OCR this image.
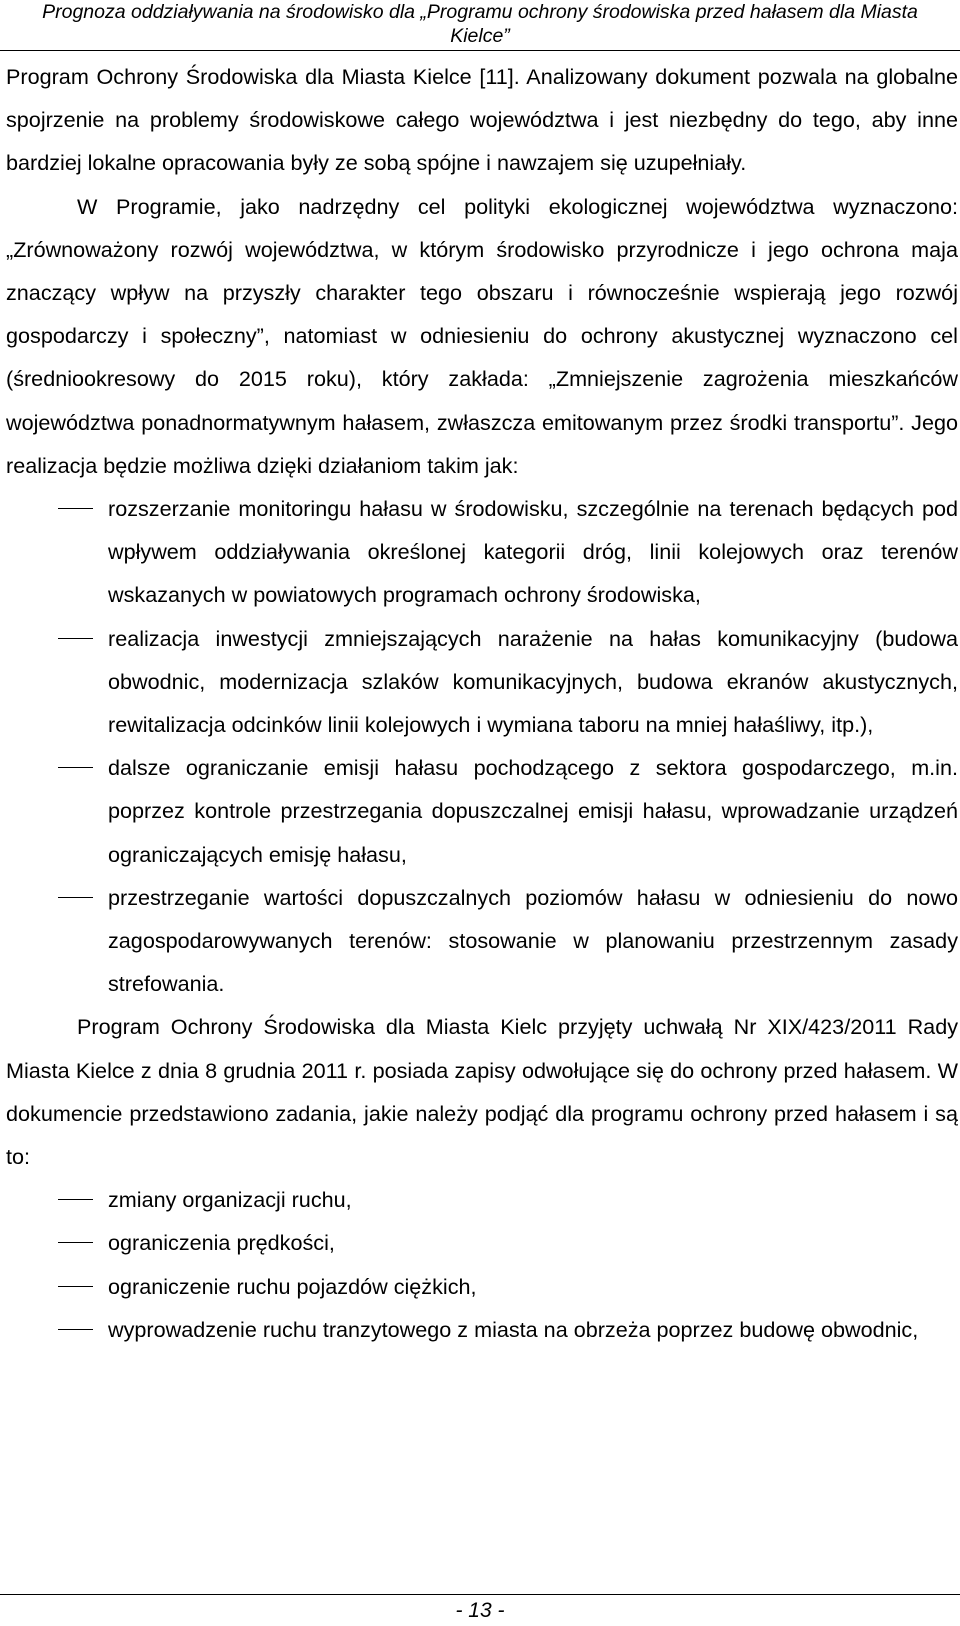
Prognoza oddziaływania na środowisko dla „Programu ochrony środowiska przed hałasem dla Miasta
Kielce”

Program Ochrony Środowiska dla Miasta Kielce [11]. Analizowany dokument pozwala na globalne spojrzenie na problemy środowiskowe całego województwa i jest niezbędny do tego, aby inne bardziej lokalne opracowania były ze sobą spójne i nawzajem się uzupełniały.

W Programie, jako nadrzędny cel polityki ekologicznej województwa wyznaczono: „Zrównoważony rozwój województwa, w którym środowisko przyrodnicze i jego ochrona maja znaczący wpływ na przyszły charakter tego obszaru i równocześnie wspierają jego rozwój gospodarczy i społeczny”, natomiast w odniesieniu do ochrony akustycznej wyznaczono cel (średniookresowy do 2015 roku), który zakłada: „Zmniejszenie zagrożenia mieszkańców województwa ponadnormatywnym hałasem, zwłaszcza emitowanym przez środki transportu”. Jego realizacja będzie możliwa dzięki działaniom takim jak:

rozszerzanie monitoringu hałasu w środowisku, szczególnie na terenach będących pod wpływem oddziaływania określonej kategorii dróg, linii kolejowych oraz terenów wskazanych w powiatowych programach ochrony środowiska,
realizacja inwestycji zmniejszających narażenie na hałas komunikacyjny (budowa obwodnic, modernizacja szlaków komunikacyjnych, budowa ekranów akustycznych, rewitalizacja odcinków linii kolejowych i wymiana taboru na mniej hałaśliwy, itp.),
dalsze ograniczanie emisji hałasu pochodzącego z sektora gospodarczego, m.in. poprzez kontrole przestrzegania dopuszczalnej emisji hałasu, wprowadzanie urządzeń ograniczających emisję hałasu,
przestrzeganie wartości dopuszczalnych poziomów hałasu w odniesieniu do nowo zagospodarowywanych terenów: stosowanie w planowaniu przestrzennym zasady strefowania.

Program Ochrony Środowiska dla Miasta Kielc przyjęty uchwałą Nr XIX/423/2011 Rady Miasta Kielce z dnia 8 grudnia 2011 r. posiada zapisy odwołujące się do ochrony przed hałasem. W dokumencie przedstawiono zadania, jakie należy podjąć dla programu ochrony przed hałasem i są to:

zmiany organizacji ruchu,
ograniczenia prędkości,
ograniczenie ruchu pojazdów ciężkich,
wyprowadzenie ruchu tranzytowego z miasta na obrzeża poprzez budowę obwodnic,
- 13 -
